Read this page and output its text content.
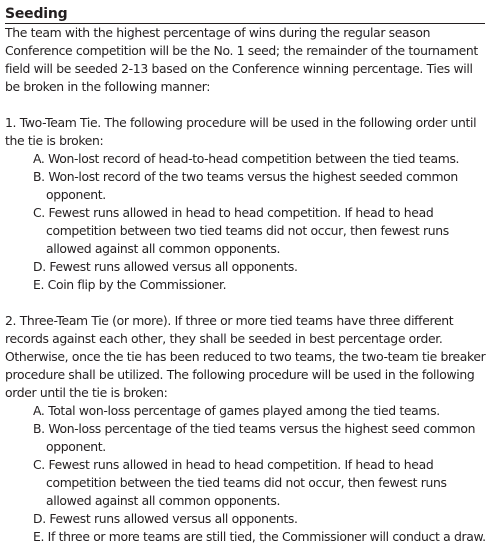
Seeding

The team with the highest percentage of wins during the regular season Conference competition will be the No. 1 seed; the remainder of the tournament field will be seeded 2-13 based on the Conference winning percentage. Ties will be broken in the following manner:

1. Two-Team Tie. The following procedure will be used in the following order until the tie is broken:

A. Won-lost record of head-to-head competition between the tied teams.
B. Won-lost record of the two teams versus the highest seeded common opponent.
C. Fewest runs allowed in head to head competition. If head to head competition between two tied teams did not occur, then fewest runs allowed against all common opponents.
D. Fewest runs allowed versus all opponents.
E. Coin flip by the Commissioner.

2. Three-Team Tie (or more). If three or more tied teams have three different records against each other, they shall be seeded in best percentage order. Otherwise, once the tie has been reduced to two teams, the two-team tie breaker procedure shall be utilized. The following procedure will be used in the following order until the tie is broken:

A. Total won-loss percentage of games played among the tied teams.
B. Won-loss percentage of the tied teams versus the highest seed common opponent.
C. Fewest runs allowed in head to head competition. If head to head competition between the tied teams did not occur, then fewest runs allowed against all common opponents.
D. Fewest runs allowed versus all opponents.
E. If three or more teams are still tied, the Commissioner will conduct a draw.
